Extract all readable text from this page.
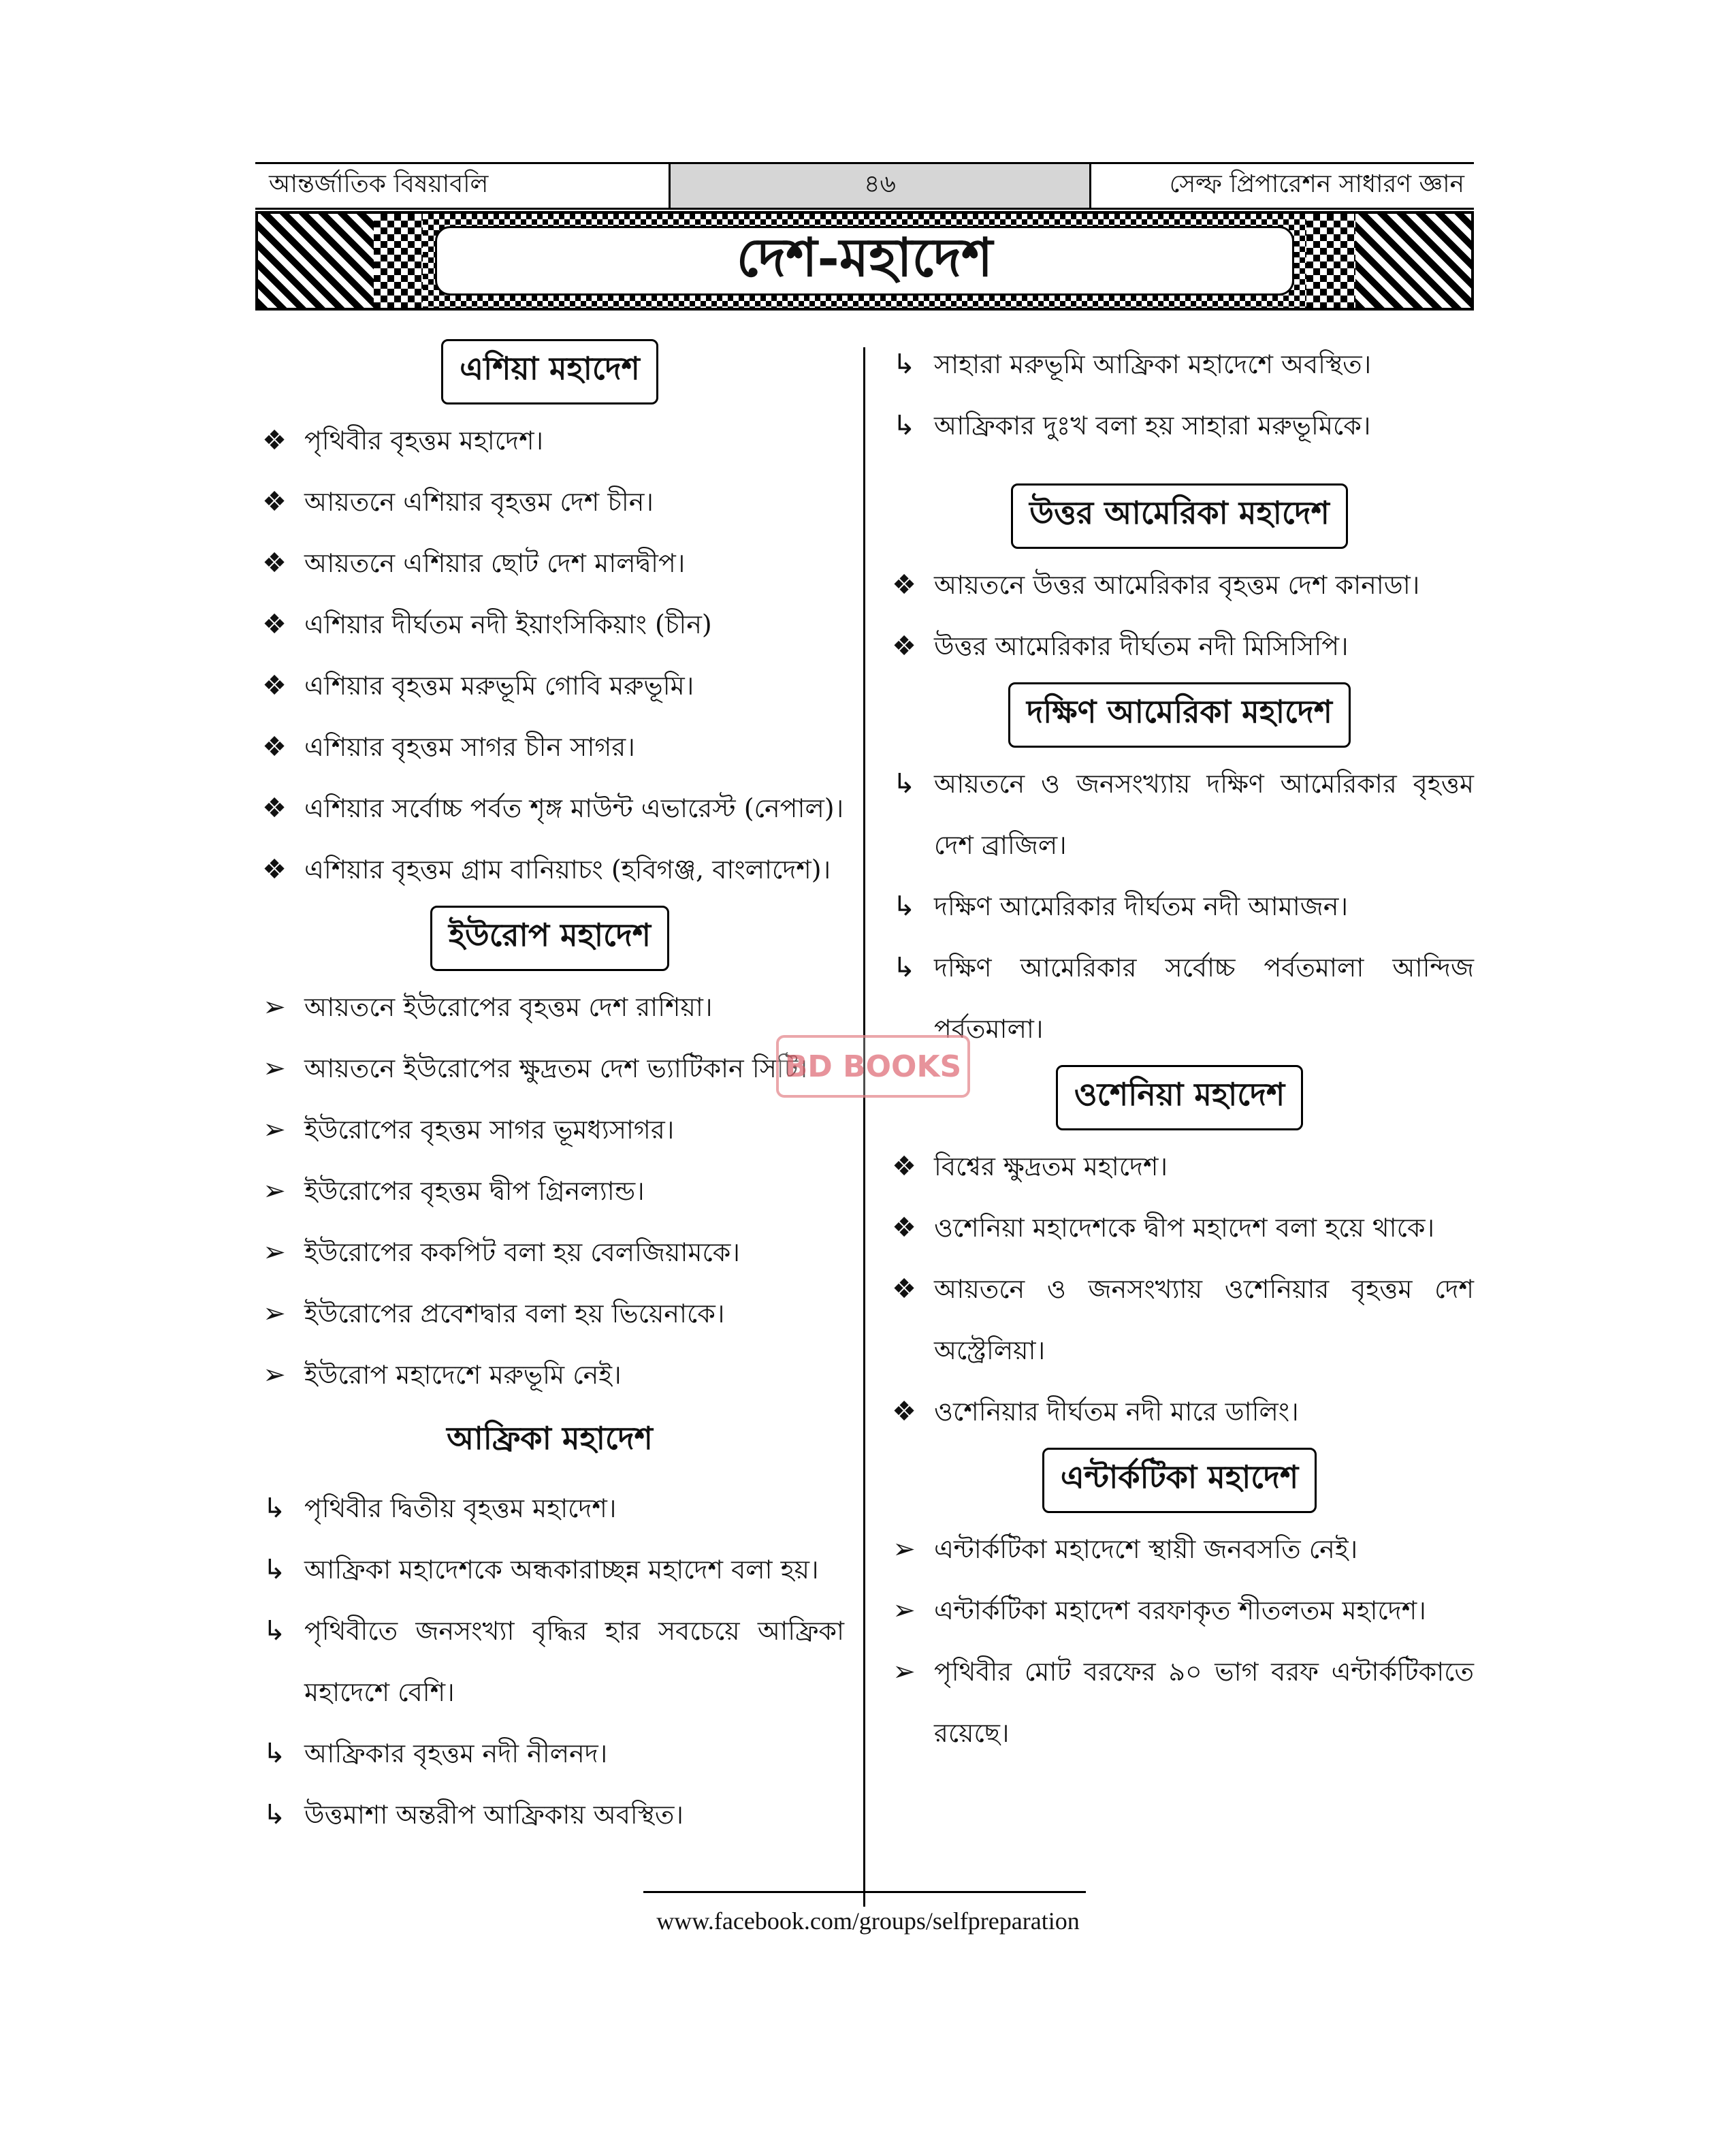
আন্তর্জাতিক বিষয়াবলি	৪৬	সেল্ফ প্রিপারেশন সাধারণ জ্ঞান
দেশ-মহাদেশ
এশিয়া মহাদেশ
❖ পৃথিবীর বৃহত্তম মহাদেশ।
❖ আয়তনে এশিয়ার বৃহত্তম দেশ চীন।
❖ আয়তনে এশিয়ার ছোট দেশ মালদ্বীপ।
❖ এশিয়ার দীর্ঘতম নদী ইয়াংসিকিয়াং (চীন)
❖ এশিয়ার বৃহত্তম মরুভূমি গোবি মরুভূমি।
❖ এশিয়ার বৃহত্তম সাগর চীন সাগর।
❖ এশিয়ার সর্বোচ্চ পর্বত শৃঙ্গ মাউন্ট এভারেস্ট (নেপাল)।
❖ এশিয়ার বৃহত্তম গ্রাম বানিয়াচং (হবিগঞ্জ, বাংলাদেশ)।
ইউরোপ মহাদেশ
➢ আয়তনে ইউরোপের বৃহত্তম দেশ রাশিয়া।
➢ আয়তনে ইউরোপের ক্ষুদ্রতম দেশ ভ্যাটিকান সিটি।
➢ ইউরোপের বৃহত্তম সাগর ভূমধ্যসাগর।
➢ ইউরোপের বৃহত্তম দ্বীপ গ্রিনল্যান্ড।
➢ ইউরোপের ককপিট বলা হয় বেলজিয়ামকে।
➢ ইউরোপের প্রবেশদ্বার বলা হয় ভিয়েনাকে।
➢ ইউরোপ মহাদেশে মরুভূমি নেই।
আফ্রিকা মহাদেশ
↳ পৃথিবীর দ্বিতীয় বৃহত্তম মহাদেশ।
↳ আফ্রিকা মহাদেশকে অন্ধকারাচ্ছন্ন মহাদেশ বলা হয়।
↳ পৃথিবীতে জনসংখ্যা বৃদ্ধির হার সবচেয়ে আফ্রিকা মহাদেশে বেশি।
↳ আফ্রিকার বৃহত্তম নদী নীলনদ।
↳ উত্তমাশা অন্তরীপ আফ্রিকায় অবস্থিত।
↳ সাহারা মরুভূমি আফ্রিকা মহাদেশে অবস্থিত।
↳ আফ্রিকার দুঃখ বলা হয় সাহারা মরুভূমিকে।
উত্তর আমেরিকা মহাদেশ
❖ আয়তনে উত্তর আমেরিকার বৃহত্তম দেশ কানাডা।
❖ উত্তর আমেরিকার দীর্ঘতম নদী মিসিসিপি।
দক্ষিণ আমেরিকা মহাদেশ
↳ আয়তনে ও জনসংখ্যায় দক্ষিণ আমেরিকার বৃহত্তম দেশ ব্রাজিল।
↳ দক্ষিণ আমেরিকার দীর্ঘতম নদী আমাজন।
↳ দক্ষিণ আমেরিকার সর্বোচ্চ পর্বতমালা আন্দিজ পর্বতমালা।
ওশেনিয়া মহাদেশ
❖ বিশ্বের ক্ষুদ্রতম মহাদেশ।
❖ ওশেনিয়া মহাদেশকে দ্বীপ মহাদেশ বলা হয়ে থাকে।
❖ আয়তনে ও জনসংখ্যায় ওশেনিয়ার বৃহত্তম দেশ অস্ট্রেলিয়া।
❖ ওশেনিয়ার দীর্ঘতম নদী মারে ডালিং।
এন্টার্কটিকা মহাদেশ
➢ এন্টার্কটিকা মহাদেশে স্থায়ী জনবসতি নেই।
➢ এন্টার্কটিকা মহাদেশ বরফাকৃত শীতলতম মহাদেশ।
➢ পৃথিবীর মোট বরফের ৯০ ভাগ বরফ এন্টার্কটিকাতে রয়েছে।
BD BOOKS
www.facebook.com/groups/selfpreparation
